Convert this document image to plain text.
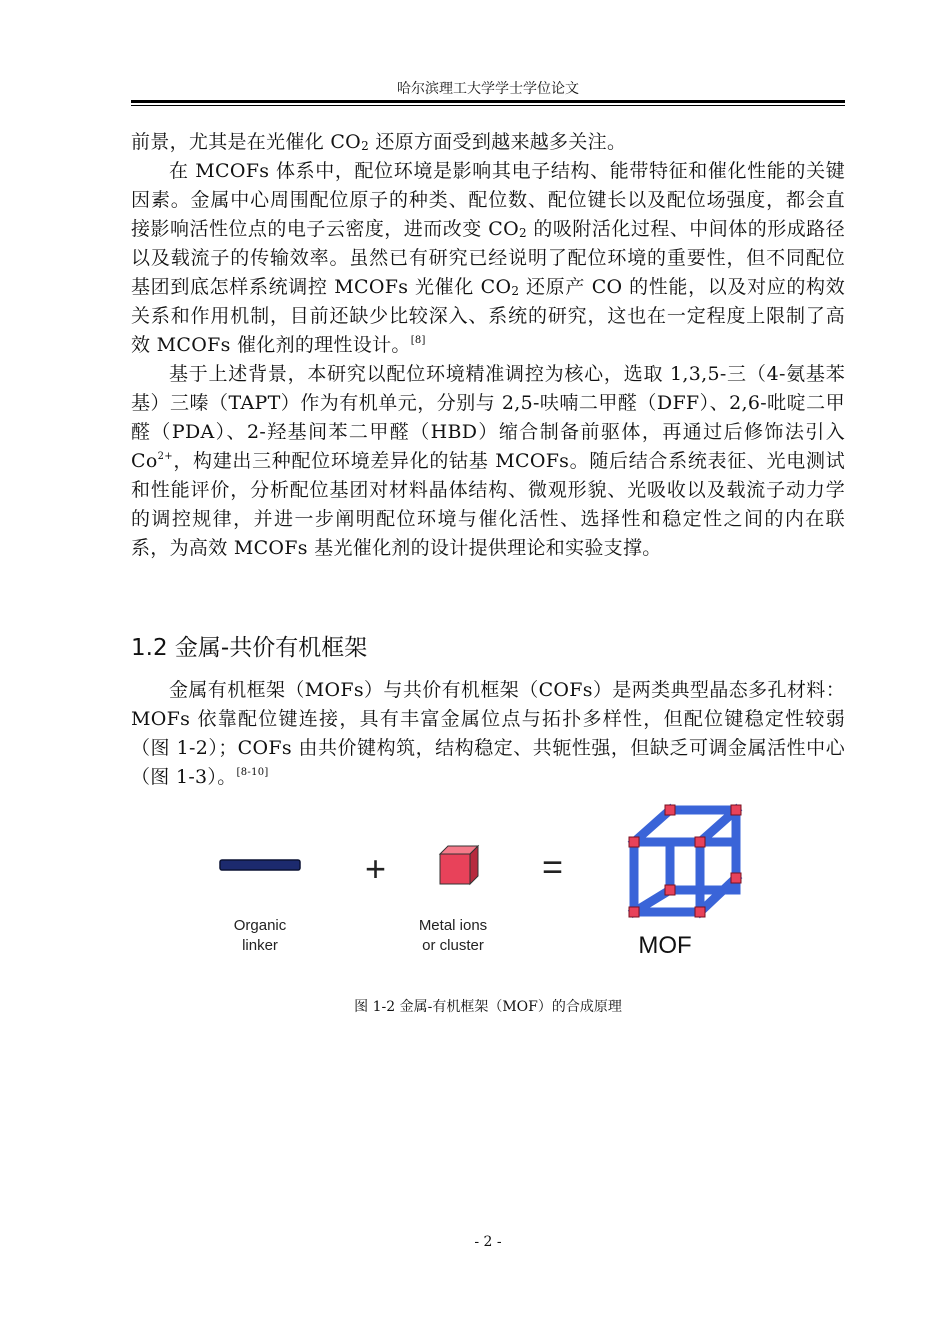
哈尔滨理工大学学士学位论文

前景，尤其是在光催化 $CO_2$ 还原方面受到越来越多关注。

在 MCOFs 体系中，配位环境是影响其电子结构、能带特征和催化性能的关键因素。金属中心周围配位原子的种类、配位数、配位键长以及配位场强度，都会直接影响活性位点的电子云密度，进而改变 $CO_2$ 的吸附活化过程、中间体的形成路径以及载流子的传输效率。虽然已有研究已经说明了配位环境的重要性，但不同配位基团到底怎样系统调控 MCOFs 光催化 $CO_2$ 还原产 CO 的性能，以及对应的构效关系和作用机制，目前还缺少比较深入、系统的研究，这也在一定程度上限制了高效 MCOFs 催化剂的理性设计。[8]

基于上述背景，本研究以配位环境精准调控为核心，选取 1,3,5-三（4-氨基苯基）三嗪（TAPT）作为有机单元，分别与 2,5-呋喃二甲醛（DFF）、2,6-吡啶二甲醛（PDA）、2-羟基间苯二甲醛（HBD）缩合制备前驱体，再通过后修饰法引入 $Co^{2+}$，构建出三种配位环境差异化的钴基 MCOFs。随后结合系统表征、光电测试和性能评价，分析配位基团对材料晶体结构、微观形貌、光吸收以及载流子动力学的调控规律，并进一步阐明配位环境与催化活性、选择性和稳定性之间的内在联系，为高效 MCOFs 基光催化剂的设计提供理论和实验支撑。

1.2 金属-共价有机框架

金属有机框架（MOFs）与共价有机框架（COFs）是两类典型晶态多孔材料：MOFs 依靠配位键连接，具有丰富金属位点与拓扑多样性，但配位键稳定性较弱（图 1-2）；COFs 由共价键构筑，结构稳定、共轭性强，但缺乏可调金属活性中心（图 1-3）。[8-10]

+	=
Organic
linker
Metal ions
or cluster	MOF
图 1-2 金属-有机框架（MOF）的合成原理
- 2 -
